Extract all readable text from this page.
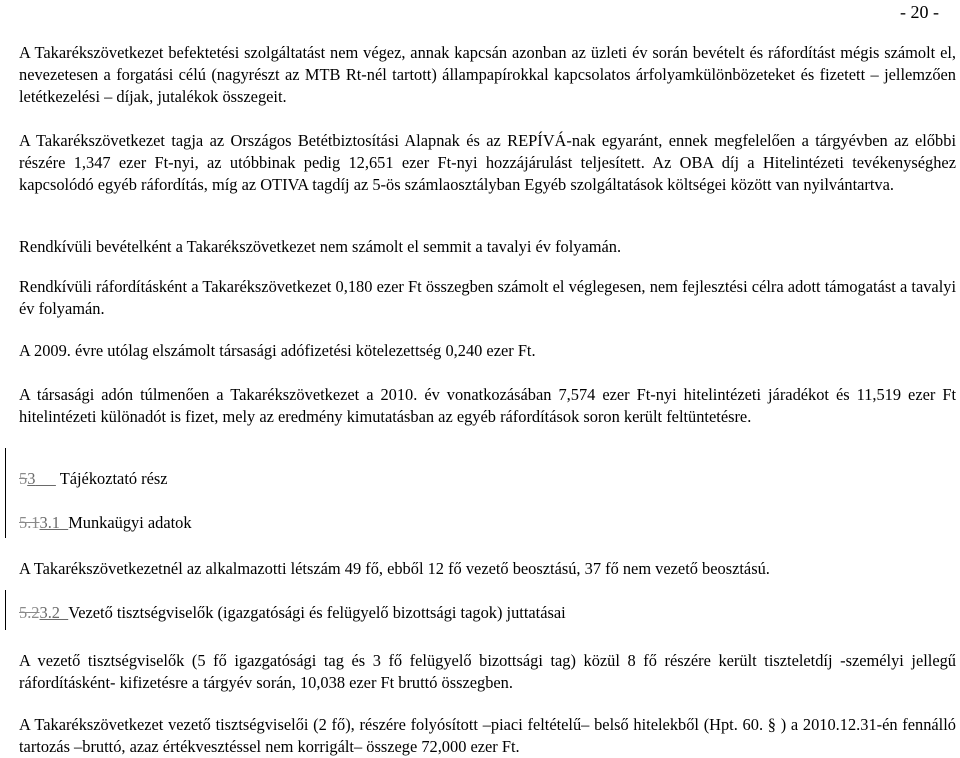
- 20 -

A Takarékszövetkezet befektetési szolgáltatást nem végez, annak kapcsán azonban az üzleti év során bevételt és ráfordítást mégis számolt el, nevezetesen a forgatási célú (nagyrészt az MTB Rt-nél tartott) állampapírokkal kapcsolatos árfolyamkülönbözeteket és fizetett – jellemzően letétkezelési – díjak, jutalékok összegeit.

A Takarékszövetkezet tagja az Országos Betétbiztosítási Alapnak és az REPÍVÁ-nak egyaránt, ennek megfelelően a tárgyévben az előbbi részére 1,347 ezer Ft-nyi, az utóbbinak pedig 12,651 ezer Ft-nyi hozzájárulást teljesített. Az OBA díj a Hitelintézeti tevékenységhez kapcsolódó egyéb ráfordítás, míg az OTIVA tagdíj az 5-ös számlaosztályban Egyéb szolgáltatások költségei között van nyilvántartva.

Rendkívüli bevételként a Takarékszövetkezet nem számolt el semmit a tavalyi év folyamán.

Rendkívüli ráfordításként a Takarékszövetkezet 0,180 ezer Ft összegben számolt el véglegesen, nem fejlesztési célra adott támogatást a tavalyi év folyamán.

A 2009. évre utólag elszámolt társasági adófizetési kötelezettség 0,240 ezer Ft.

A társasági adón túlmenően a Takarékszövetkezet a 2010. év vonatkozásában 7,574 ezer Ft-nyi hitelintézeti járadékot és 11,519 ezer Ft hitelintézeti különadót is fizet, mely az eredmény kimutatásban az egyéb ráfordítások soron került feltüntetésre.

53 Tájékoztató rész
5.13.1 Munkaügyi adatok

A Takarékszövetkezetnél az alkalmazotti létszám 49 fő, ebből 12 fő vezető beosztású, 37 fő nem vezető beosztású.

5.23.2 Vezető tisztségviselők (igazgatósági és felügyelő bizottsági tagok) juttatásai

A vezető tisztségviselők (5 fő igazgatósági tag és 3 fő felügyelő bizottsági tag) közül 8 fő részére került tiszteletdíj -személyi jellegű ráfordításként- kifizetésre a tárgyév során, 10,038 ezer Ft bruttó összegben.

A Takarékszövetkezet vezető tisztségviselői (2 fő), részére folyósított –piaci feltételű– belső hitelekből (Hpt. 60. § ) a 2010.12.31-én fennálló tartozás –bruttó, azaz értékvesztéssel nem korrigált– összege 72,000 ezer Ft.
